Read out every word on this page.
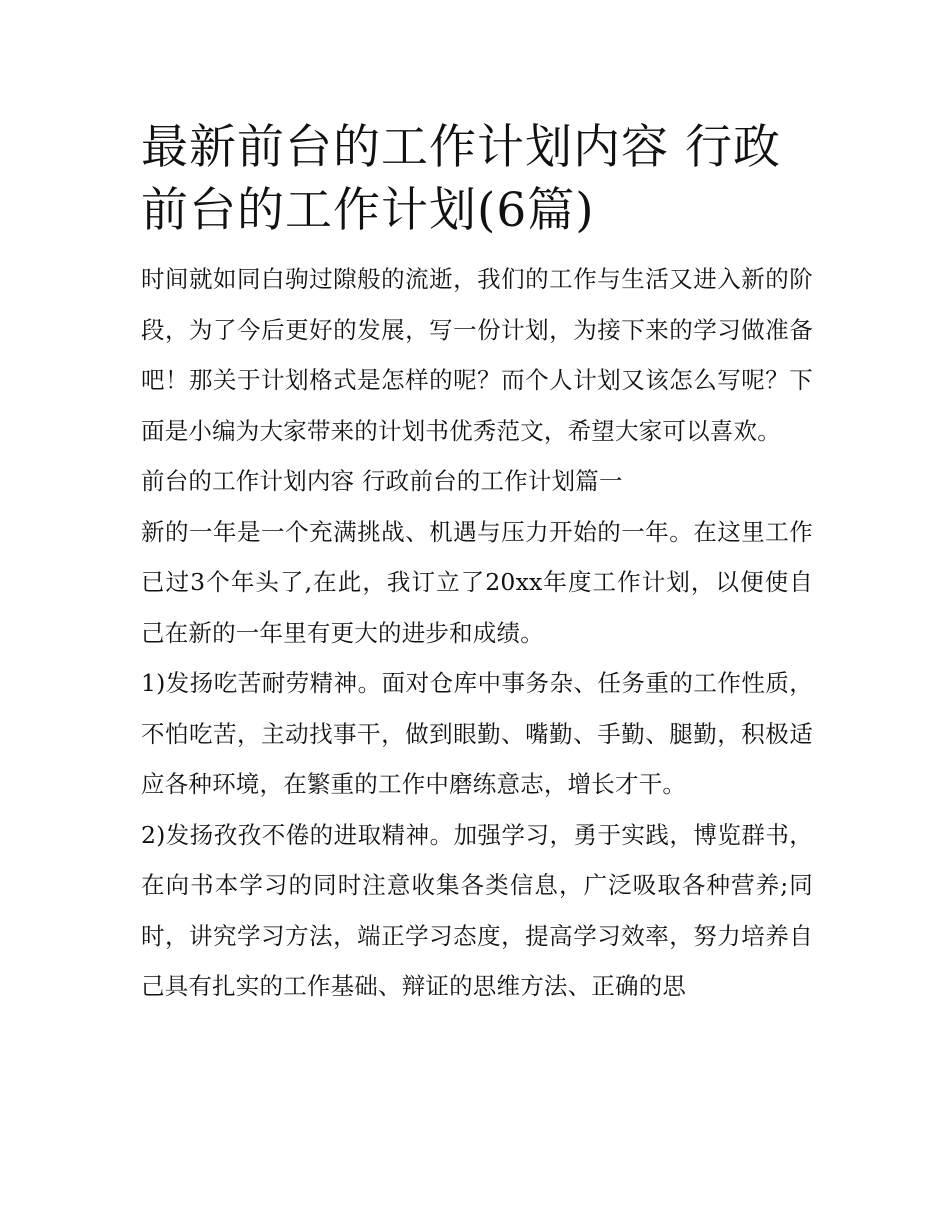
最新前台的工作计划内容 行政前台的工作计划(6篇)

时间就如同白驹过隙般的流逝，我们的工作与生活又进入新的阶段，为了今后更好的发展，写一份计划，为接下来的学习做准备吧！那关于计划格式是怎样的呢？而个人计划又该怎么写呢？下面是小编为大家带来的计划书优秀范文，希望大家可以喜欢。

前台的工作计划内容 行政前台的工作计划篇一

新的一年是一个充满挑战、机遇与压力开始的一年。在这里工作已过3个年头了,在此，我订立了20xx年度工作计划，以便使自己在新的一年里有更大的进步和成绩。

1)发扬吃苦耐劳精神。面对仓库中事务杂、任务重的工作性质，不怕吃苦，主动找事干，做到眼勤、嘴勤、手勤、腿勤，积极适应各种环境，在繁重的工作中磨练意志，增长才干。

2)发扬孜孜不倦的进取精神。加强学习，勇于实践，博览群书，在向书本学习的同时注意收集各类信息，广泛吸取各种营养;同时，讲究学习方法，端正学习态度，提高学习效率，努力培养自己具有扎实的工作基础、辩证的思维方法、正确的思
